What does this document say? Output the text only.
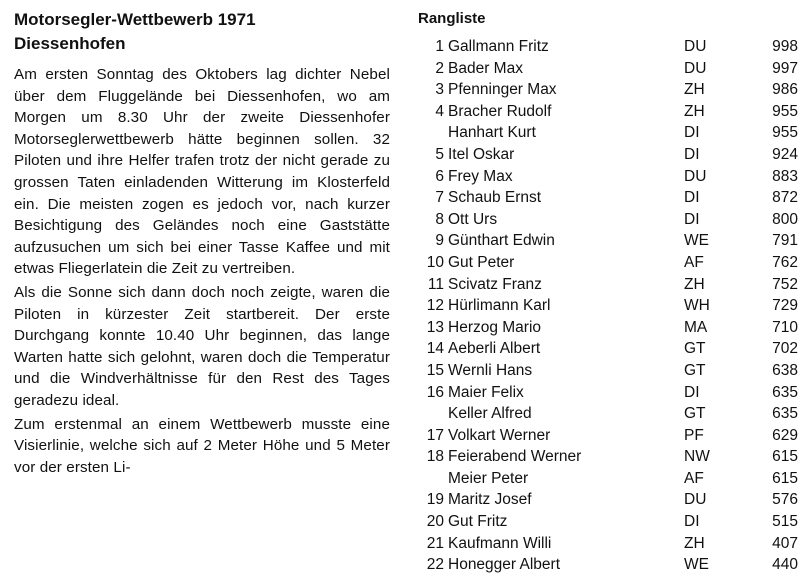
Motorsegler-Wettbewerb 1971
Diessenhofen

Am ersten Sonntag des Oktobers lag dichter Nebel über dem Fluggelände bei Diessenhofen, wo am Morgen um 8.30 Uhr der zweite Diessenhofer Motorseglerwettbewerb hätte beginnen sollen. 32 Piloten und ihre Helfer trafen trotz der nicht gerade zu grossen Taten einladenden Witterung im Klosterfeld ein. Die meisten zogen es jedoch vor, nach kurzer Besichtigung des Geländes noch eine Gaststätte aufzusuchen um sich bei einer Tasse Kaffee und mit etwas Fliegerlatein die Zeit zu vertreiben.

Als die Sonne sich dann doch noch zeigte, waren die Piloten in kürzester Zeit startbereit. Der erste Durchgang konnte 10.40 Uhr beginnen, das lange Warten hatte sich gelohnt, waren doch die Temperatur und die Windverhältnisse für den Rest des Tages geradezu ideal.

Zum erstenmal an einem Wettbewerb musste eine Visierlinie, welche sich auf 2 Meter Höhe und 5 Meter vor der ersten Li-

Rangliste
1	Gallmann Fritz	DU	998
2	Bader Max	DU	997
3	Pfenninger Max	ZH	986
4	Bracher Rudolf	ZH	955
	Hanhart Kurt	DI	955
5	Itel Oskar	DI	924
6	Frey Max	DU	883
7	Schaub Ernst	DI	872
8	Ott Urs	DI	800
9	Günthart Edwin	WE	791
10	Gut Peter	AF	762
11	Scivatz Franz	ZH	752
12	Hürlimann Karl	WH	729
13	Herzog Mario	MA	710
14	Aeberli Albert	GT	702
15	Wernli Hans	GT	638
16	Maier Felix	DI	635
	Keller Alfred	GT	635
17	Volkart Werner	PF	629
18	Feierabend Werner	NW	615
	Meier Peter	AF	615
19	Maritz Josef	DU	576
20	Gut Fritz	DI	515
21	Kaufmann Willi	ZH	407
22	Honegger Albert	WE	440
